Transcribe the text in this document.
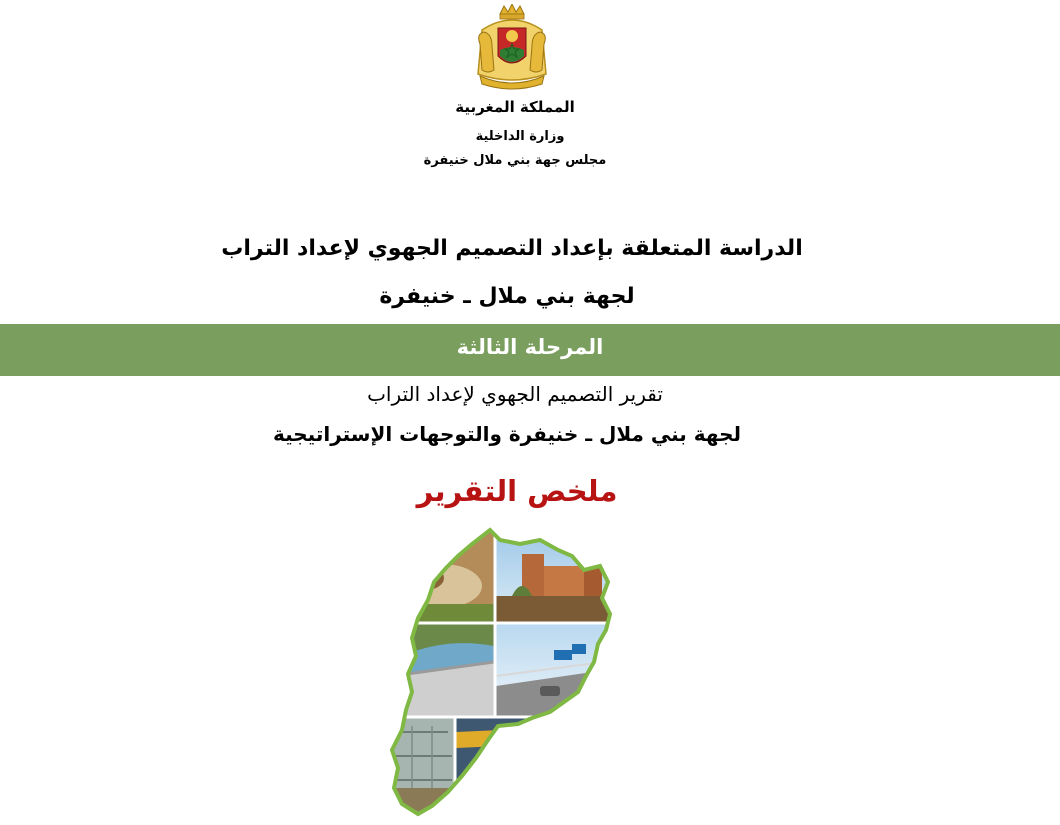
المملكة المغربية
وزارة الداخلية
مجلس جهة بني ملال خنيفرة
الدراسة المتعلقة بإعداد التصميم الجهوي لإعداد التراب
لجهة بني ملال ـ خنيفرة
المرحلة الثالثة
تقرير التصميم الجهوي لإعداد التراب
لجهة بني ملال ـ خنيفرة والتوجهات الإستراتيجية
ملخص التقرير
